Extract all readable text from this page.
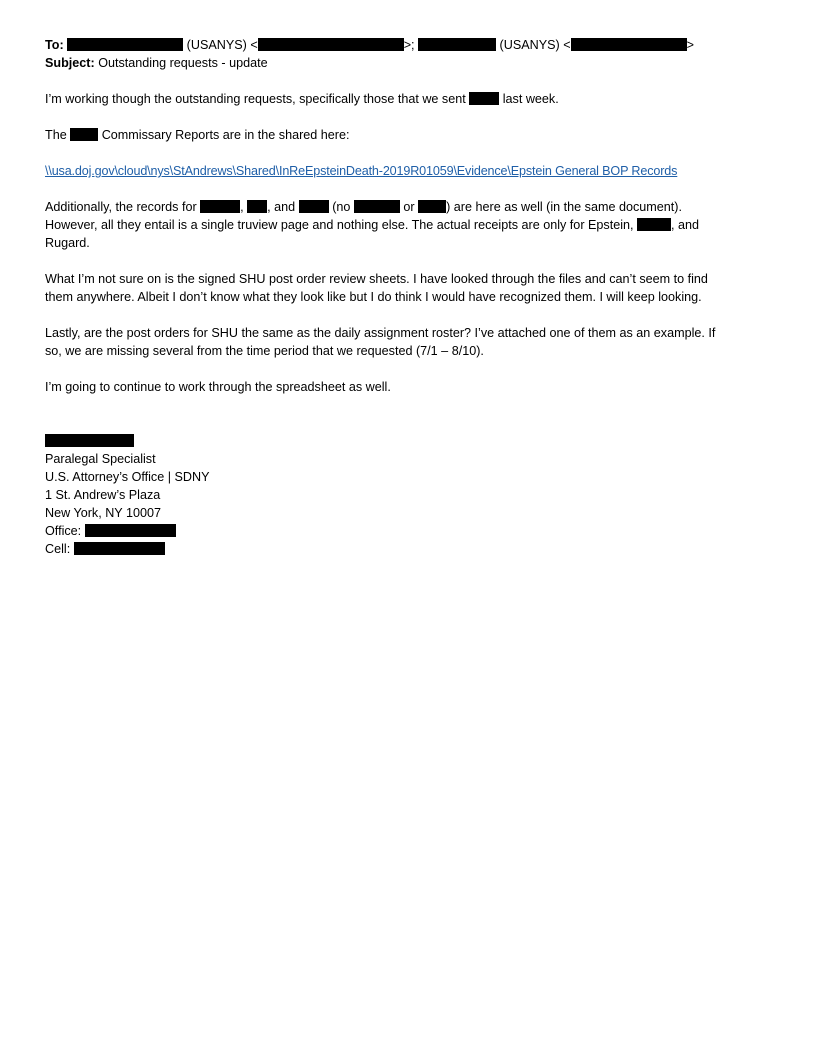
To:	(USANYS) <	>;	(USANYS) <	>
Subject: Outstanding requests - update
I’m working though the outstanding requests, specifically those that we sent	last week.
The	Commissary Reports are in the shared here:
\\usa.doj.gov\cloud\nys\StAndrews\Shared\InReEpsteinDeath-2019R01059\Evidence\Epstein General BOP Records
Additionally, the records for	, , and	(no	or	) are here as well (in the same document).
However, all they entail is a single truview page and nothing else. The actual receipts are only for Epstein,	, and
Rugard.
What I’m not sure on is the signed SHU post order review sheets. I have looked through the files and can’t seem to find
them anywhere. Albeit I don’t know what they look like but I do think I would have recognized them. I will keep looking.
Lastly, are the post orders for SHU the same as the daily assignment roster? I’ve attached one of them as an example. If
so, we are missing several from the time period that we requested (7/1 – 8/10).
I’m going to continue to work through the spreadsheet as well.
Paralegal Specialist
U.S. Attorney’s Office | SDNY
1 St. Andrew’s Plaza
New York, NY 10007
Office:
Cell:
